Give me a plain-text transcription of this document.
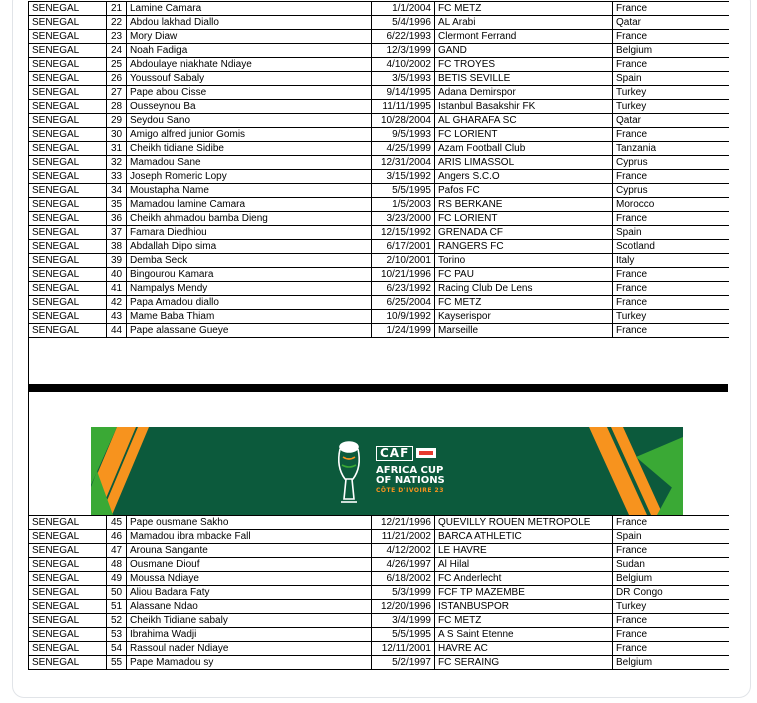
SENEGAL	21	Lamine Camara	1/1/2004	FC METZ	France
SENEGAL	22	Abdou lakhad Diallo	5/4/1996	AL Arabi	Qatar
SENEGAL	23	Mory Diaw	6/22/1993	Clermont Ferrand	France
SENEGAL	24	Noah Fadiga	12/3/1999	GAND	Belgium
SENEGAL	25	Abdoulaye niakhate Ndiaye	4/10/2002	FC TROYES	France
SENEGAL	26	Youssouf Sabaly	3/5/1993	BETIS SEVILLE	Spain
SENEGAL	27	Pape abou Cisse	9/14/1995	Adana Demirspor	Turkey
SENEGAL	28	Ousseynou Ba	11/11/1995	Istanbul Basakshir FK	Turkey
SENEGAL	29	Seydou Sano	10/28/2004	AL GHARAFA SC	Qatar
SENEGAL	30	Amigo alfred junior Gomis	9/5/1993	FC LORIENT	France
SENEGAL	31	Cheikh tidiane Sidibe	4/25/1999	Azam Football Club	Tanzania
SENEGAL	32	Mamadou Sane	12/31/2004	ARIS LIMASSOL	Cyprus
SENEGAL	33	Joseph Romeric Lopy	3/15/1992	Angers S.C.O	France
SENEGAL	34	Moustapha Name	5/5/1995	Pafos FC	Cyprus
SENEGAL	35	Mamadou lamine Camara	1/5/2003	RS BERKANE	Morocco
SENEGAL	36	Cheikh ahmadou bamba Dieng	3/23/2000	FC LORIENT	France
SENEGAL	37	Famara Diedhiou	12/15/1992	GRENADA CF	Spain
SENEGAL	38	Abdallah Dipo sima	6/17/2001	RANGERS FC	Scotland
SENEGAL	39	Demba Seck	2/10/2001	Torino	Italy
SENEGAL	40	Bingourou Kamara	10/21/1996	FC PAU	France
SENEGAL	41	Nampalys Mendy	6/23/1992	Racing Club De Lens	France
SENEGAL	42	Papa Amadou diallo	6/25/2004	FC METZ	France
SENEGAL	43	Mame Baba Thiam	10/9/1992	Kayserispor	Turkey
SENEGAL	44	Pape alassane Gueye	1/24/1999	Marseille	France
CAF
AFRICA CUP
OF NATIONS
CÔTE D'IVOIRE 23
SENEGAL	45	Pape ousmane Sakho	12/21/1996	QUEVILLY ROUEN METROPOLE	France
SENEGAL	46	Mamadou ibra mbacke Fall	11/21/2002	BARCA ATHLETIC	Spain
SENEGAL	47	Arouna Sangante	4/12/2002	LE HAVRE	France
SENEGAL	48	Ousmane Diouf	4/26/1997	Al Hilal	Sudan
SENEGAL	49	Moussa Ndiaye	6/18/2002	FC Anderlecht	Belgium
SENEGAL	50	Aliou Badara Faty	5/3/1999	FCF TP MAZEMBE	DR Congo
SENEGAL	51	Alassane Ndao	12/20/1996	ISTANBUSPOR	Turkey
SENEGAL	52	Cheikh Tidiane sabaly	3/4/1999	FC METZ	France
SENEGAL	53	Ibrahima Wadji	5/5/1995	A S Saint Etenne	France
SENEGAL	54	Rassoul nader Ndiaye	12/11/2001	HAVRE AC	France
SENEGAL	55	Pape Mamadou sy	5/2/1997	FC SERAING	Belgium
